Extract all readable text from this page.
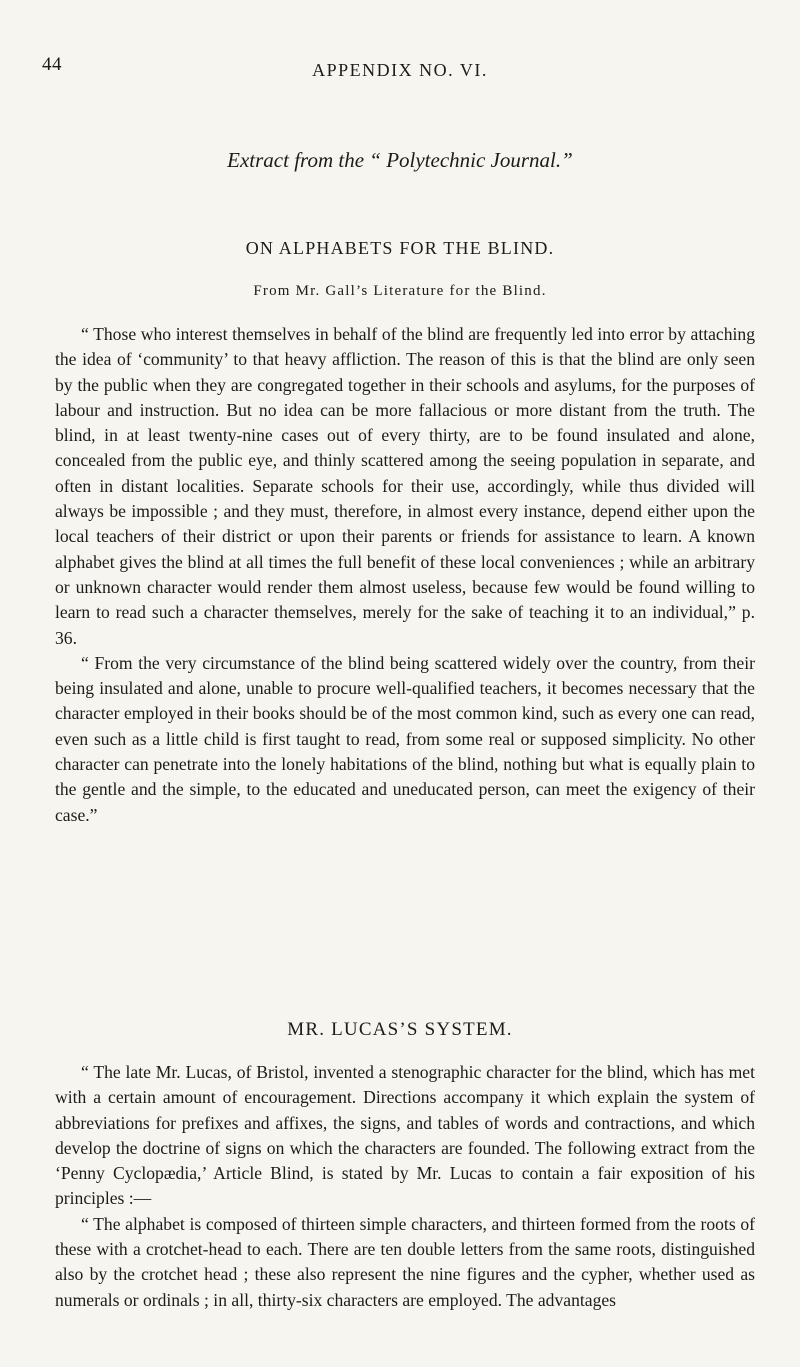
44	APPENDIX NO. VI.
Extract from the “ Polytechnic Journal.”
ON ALPHABETS FOR THE BLIND.
From Mr. Gall’s Literature for the Blind.

“ Those who interest themselves in behalf of the blind are frequently led into error by attaching the idea of ‘community’ to that heavy affliction. The reason of this is that the blind are only seen by the public when they are congregated together in their schools and asylums, for the purposes of labour and instruction. But no idea can be more fallacious or more distant from the truth. The blind, in at least twenty-nine cases out of every thirty, are to be found insulated and alone, concealed from the public eye, and thinly scattered among the seeing population in separate, and often in distant localities. Separate schools for their use, accordingly, while thus divided will always be impossible ; and they must, therefore, in almost every instance, depend either upon the local teachers of their district or upon their parents or friends for assistance to learn. A known alphabet gives the blind at all times the full benefit of these local conveniences ; while an arbitrary or unknown character would render them almost useless, because few would be found willing to learn to read such a character themselves, merely for the sake of teaching it to an individual,” p. 36.

“ From the very circumstance of the blind being scattered widely over the country, from their being insulated and alone, unable to procure well-qualified teachers, it becomes necessary that the character employed in their books should be of the most common kind, such as every one can read, even such as a little child is first taught to read, from some real or supposed simplicity. No other character can penetrate into the lonely habitations of the blind, nothing but what is equally plain to the gentle and the simple, to the educated and uneducated person, can meet the exigency of their case.”

MR. LUCAS’S SYSTEM.

“ The late Mr. Lucas, of Bristol, invented a stenographic character for the blind, which has met with a certain amount of encouragement. Directions accompany it which explain the system of abbreviations for prefixes and affixes, the signs, and tables of words and contractions, and which develop the doctrine of signs on which the characters are founded. The following extract from the ‘Penny Cyclopædia,’ Article Blind, is stated by Mr. Lucas to contain a fair exposition of his principles :—

“ The alphabet is composed of thirteen simple characters, and thirteen formed from the roots of these with a crotchet-head to each. There are ten double letters from the same roots, distinguished also by the crotchet head ; these also represent the nine figures and the cypher, whether used as numerals or ordinals ; in all, thirty-six characters are employed. The advantages
